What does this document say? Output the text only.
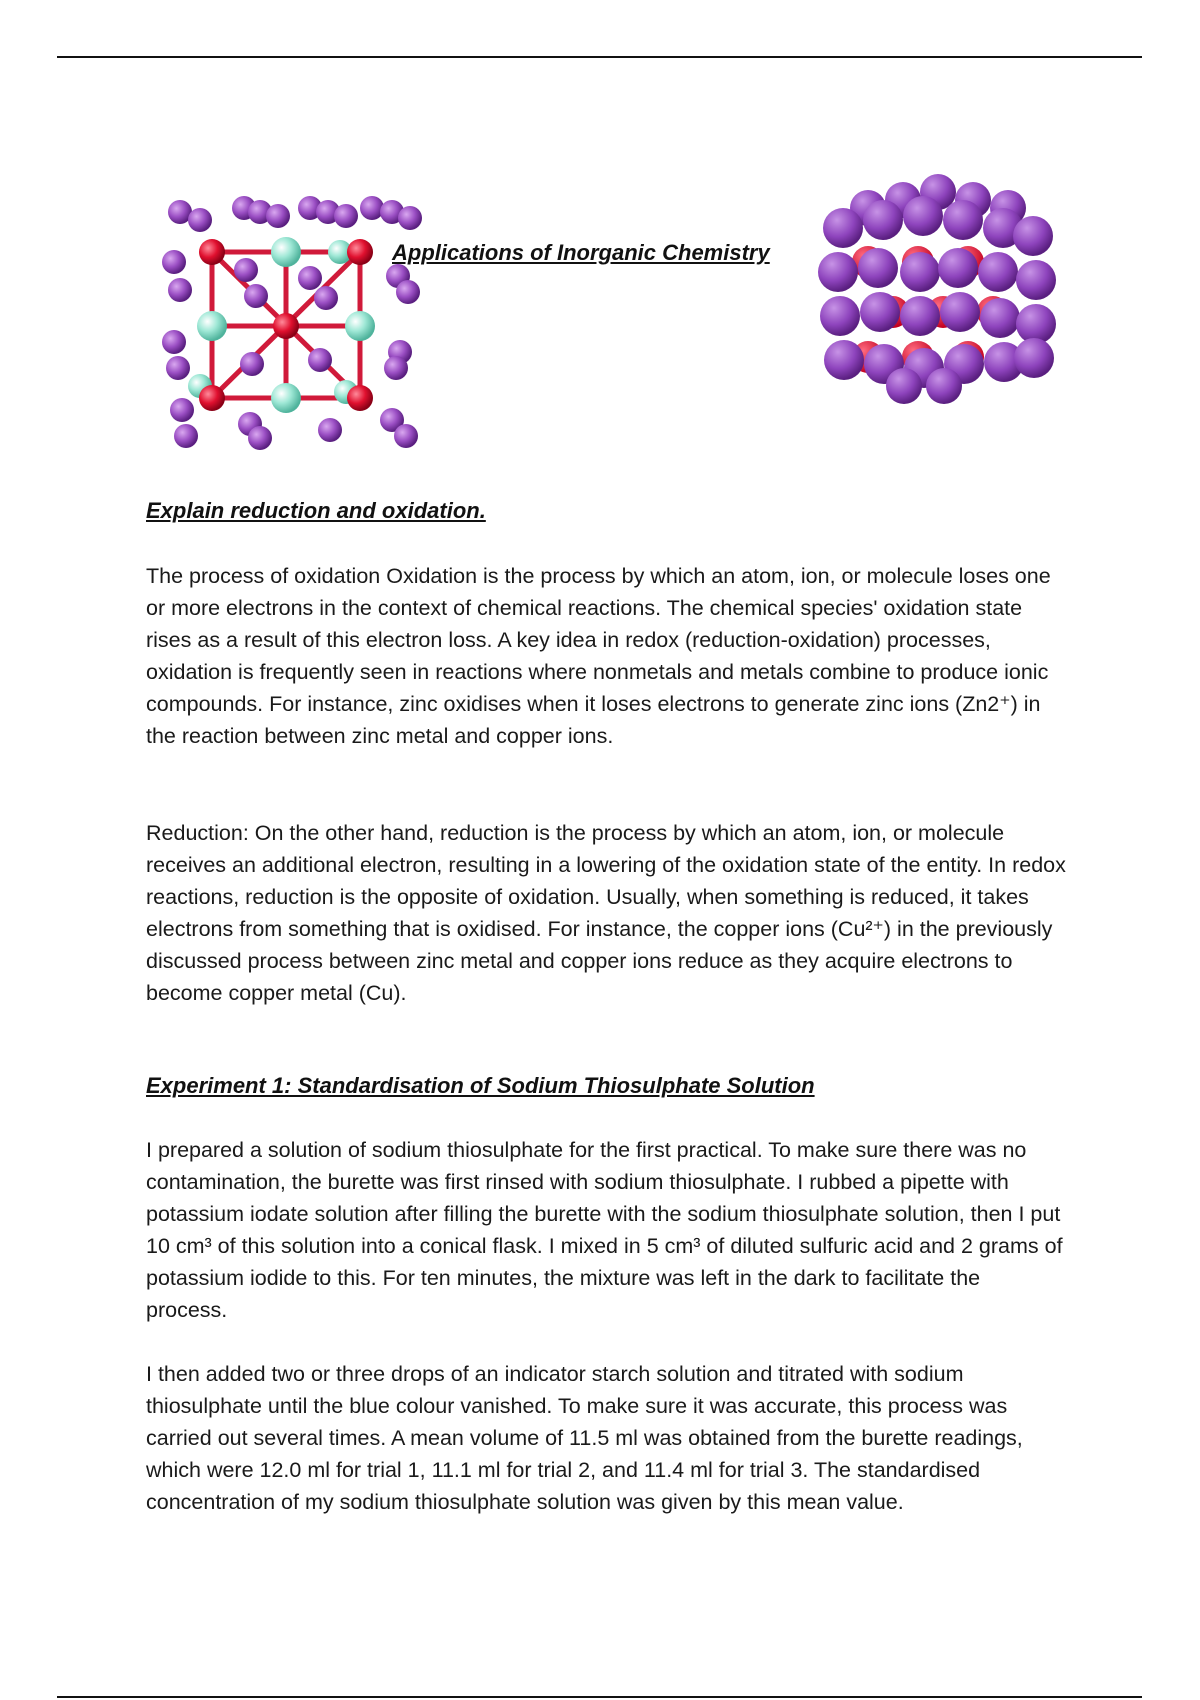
Applications of Inorganic Chemistry
Explain reduction and oxidation.

The process of oxidation Oxidation is the process by which an atom, ion, or molecule loses one or more electrons in the context of chemical reactions. The chemical species' oxidation state rises as a result of this electron loss. A key idea in redox (reduction-oxidation) processes, oxidation is frequently seen in reactions where nonmetals and metals combine to produce ionic compounds. For instance, zinc oxidises when it loses electrons to generate zinc ions (Zn2⁺) in the reaction between zinc metal and copper ions.

Reduction: On the other hand, reduction is the process by which an atom, ion, or molecule receives an additional electron, resulting in a lowering of the oxidation state of the entity. In redox reactions, reduction is the opposite of oxidation. Usually, when something is reduced, it takes electrons from something that is oxidised. For instance, the copper ions (Cu²⁺) in the previously discussed process between zinc metal and copper ions reduce as they acquire electrons to become copper metal (Cu).

Experiment 1: Standardisation of Sodium Thiosulphate Solution

I prepared a solution of sodium thiosulphate for the first practical. To make sure there was no contamination, the burette was first rinsed with sodium thiosulphate. I rubbed a pipette with potassium iodate solution after filling the burette with the sodium thiosulphate solution, then I put 10 cm³ of this solution into a conical flask. I mixed in 5 cm³ of diluted sulfuric acid and 2 grams of potassium iodide to this. For ten minutes, the mixture was left in the dark to facilitate the process.

I then added two or three drops of an indicator starch solution and titrated with sodium thiosulphate until the blue colour vanished. To make sure it was accurate, this process was carried out several times. A mean volume of 11.5 ml was obtained from the burette readings, which were 12.0 ml for trial 1, 11.1 ml for trial 2, and 11.4 ml for trial 3. The standardised concentration of my sodium thiosulphate solution was given by this mean value.
